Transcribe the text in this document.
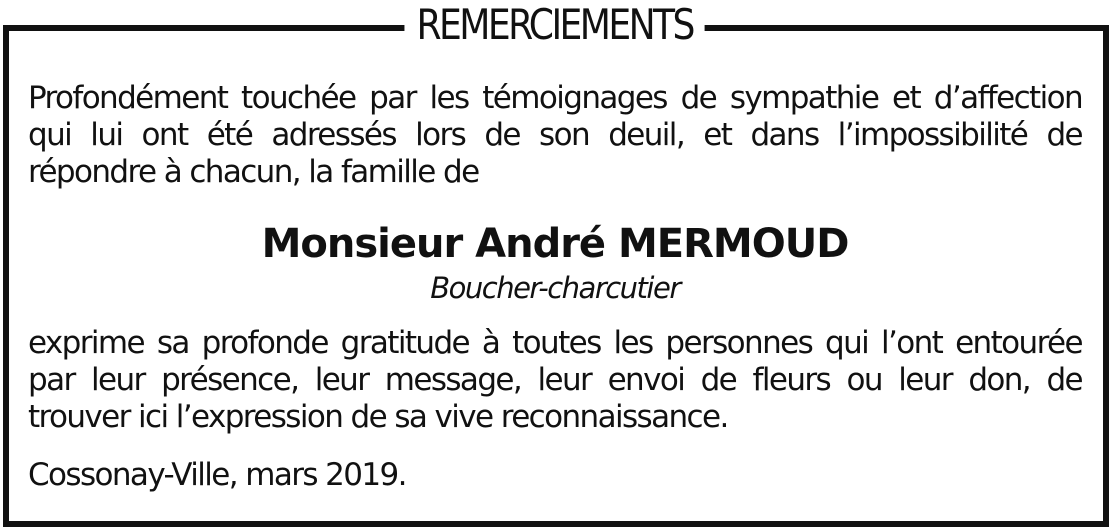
REMERCIEMENTS
Profondément touchée par les témoignages de sympathie et d’affection qui lui ont été adressés lors de son deuil, et dans l’impossibilité de répondre à chacun, la famille de
Monsieur André MERMOUD
Boucher-charcutier
exprime sa profonde gratitude à toutes les personnes qui l’ont entourée par leur présence, leur message, leur envoi de fleurs ou leur don, de trouver ici l’expression de sa vive reconnaissance.
Cossonay-Ville, mars 2019.
